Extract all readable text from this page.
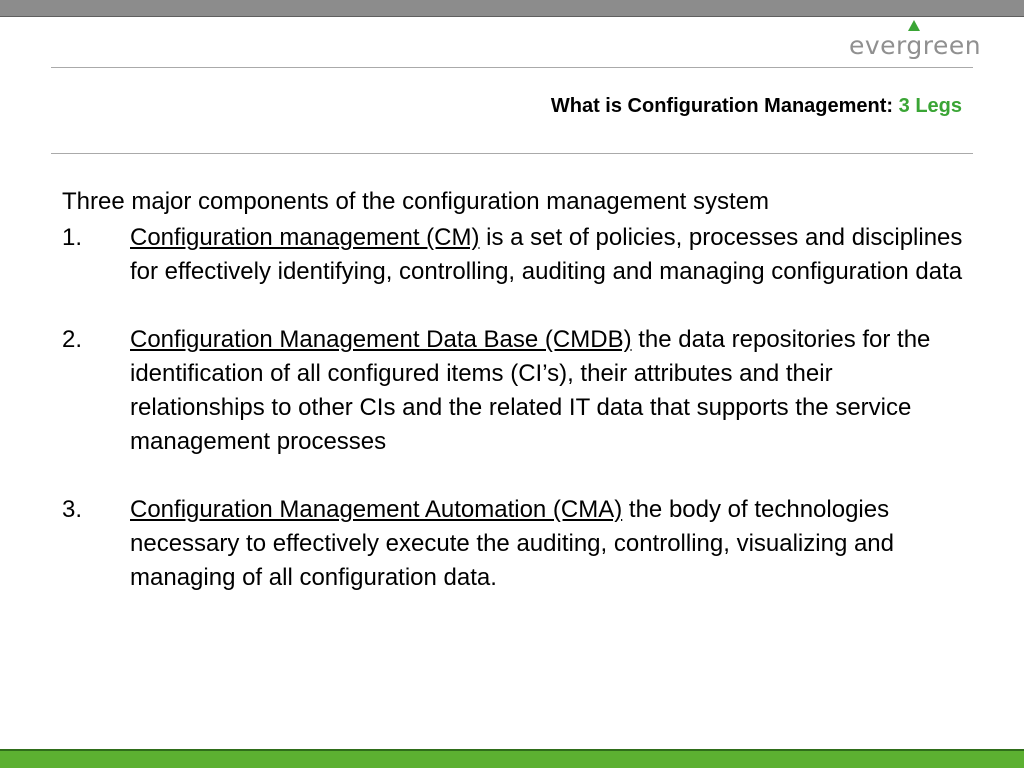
evergreen
What is Configuration Management: 3 Legs

Three major components of the configuration management system

1. Configuration management (CM) is a set of policies, processes and disciplines for effectively identifying, controlling, auditing and managing configuration data
2. Configuration Management Data Base (CMDB) the data repositories for the identification of all configured items (CI’s), their attributes and their relationships to other CIs and the related IT data that supports the service management processes
3. Configuration Management Automation (CMA) the body of technologies necessary to effectively execute the auditing, controlling, visualizing and managing of all configuration data.
